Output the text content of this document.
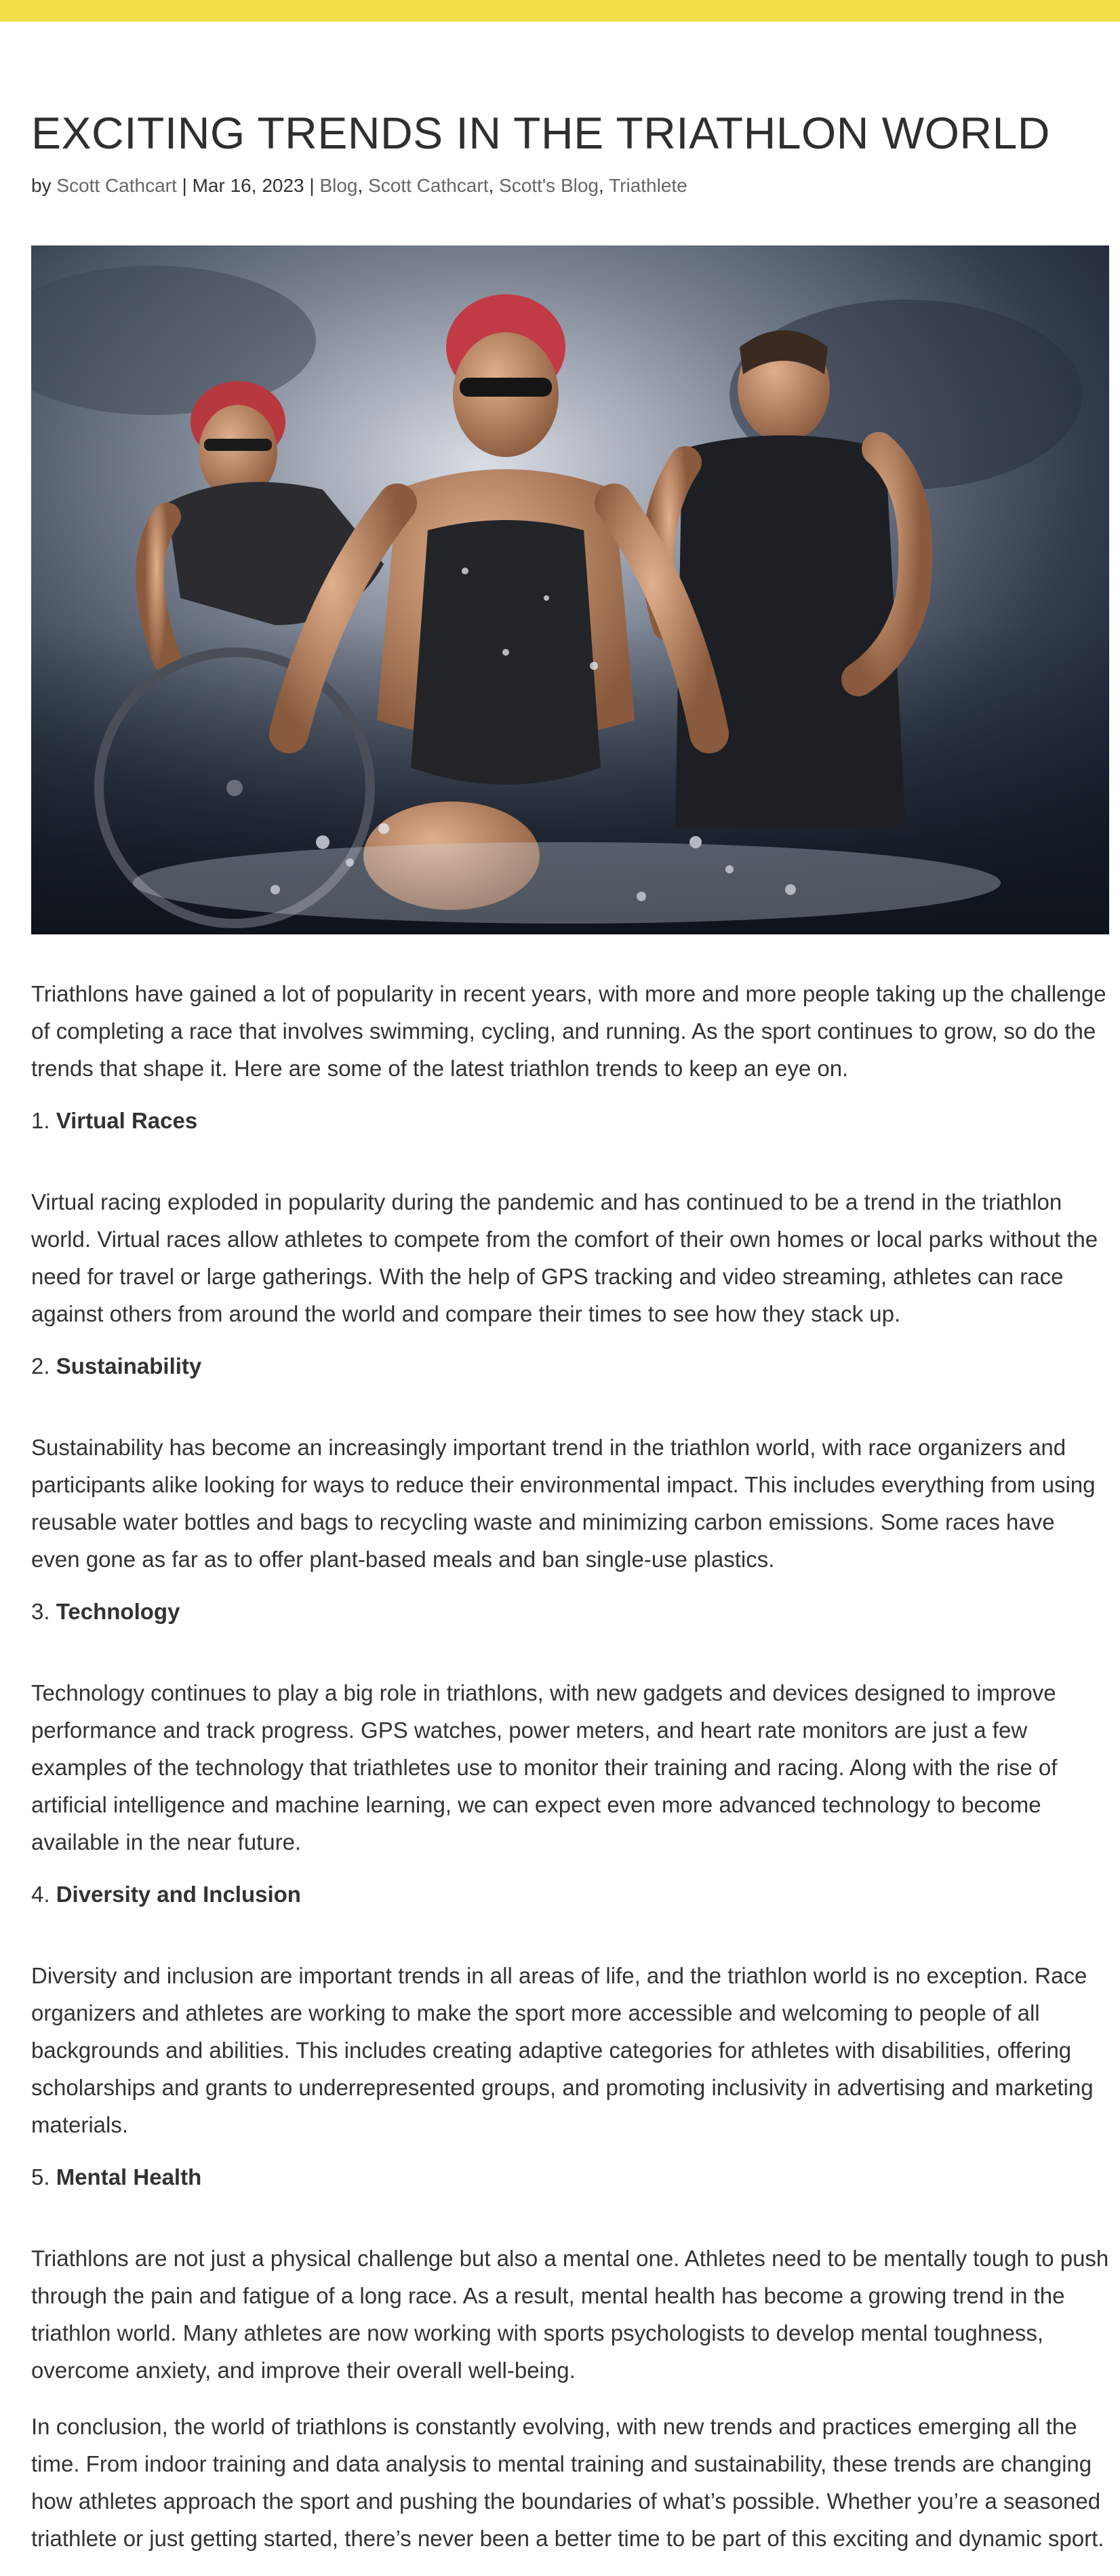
EXCITING TRENDS IN THE TRIATHLON WORLD
by Scott Cathcart | Mar 16, 2023 | Blog, Scott Cathcart, Scott's Blog, Triathlete

Triathlons have gained a lot of popularity in recent years, with more and more people taking up the challenge of completing a race that involves swimming, cycling, and running. As the sport continues to grow, so do the trends that shape it. Here are some of the latest triathlon trends to keep an eye on.

1. Virtual Races

Virtual racing exploded in popularity during the pandemic and has continued to be a trend in the triathlon world. Virtual races allow athletes to compete from the comfort of their own homes or local parks without the need for travel or large gatherings. With the help of GPS tracking and video streaming, athletes can race against others from around the world and compare their times to see how they stack up.

2. Sustainability

Sustainability has become an increasingly important trend in the triathlon world, with race organizers and participants alike looking for ways to reduce their environmental impact. This includes everything from using reusable water bottles and bags to recycling waste and minimizing carbon emissions. Some races have even gone as far as to offer plant-based meals and ban single-use plastics.

3. Technology

Technology continues to play a big role in triathlons, with new gadgets and devices designed to improve performance and track progress. GPS watches, power meters, and heart rate monitors are just a few examples of the technology that triathletes use to monitor their training and racing. Along with the rise of artificial intelligence and machine learning, we can expect even more advanced technology to become available in the near future.

4. Diversity and Inclusion

Diversity and inclusion are important trends in all areas of life, and the triathlon world is no exception. Race organizers and athletes are working to make the sport more accessible and welcoming to people of all backgrounds and abilities. This includes creating adaptive categories for athletes with disabilities, offering scholarships and grants to underrepresented groups, and promoting inclusivity in advertising and marketing materials.

5. Mental Health

Triathlons are not just a physical challenge but also a mental one. Athletes need to be mentally tough to push through the pain and fatigue of a long race. As a result, mental health has become a growing trend in the triathlon world. Many athletes are now working with sports psychologists to develop mental toughness, overcome anxiety, and improve their overall well-being.

In conclusion, the world of triathlons is constantly evolving, with new trends and practices emerging all the time. From indoor training and data analysis to mental training and sustainability, these trends are changing how athletes approach the sport and pushing the boundaries of what’s possible. Whether you’re a seasoned triathlete or just getting started, there’s never been a better time to be part of this exciting and dynamic sport.
